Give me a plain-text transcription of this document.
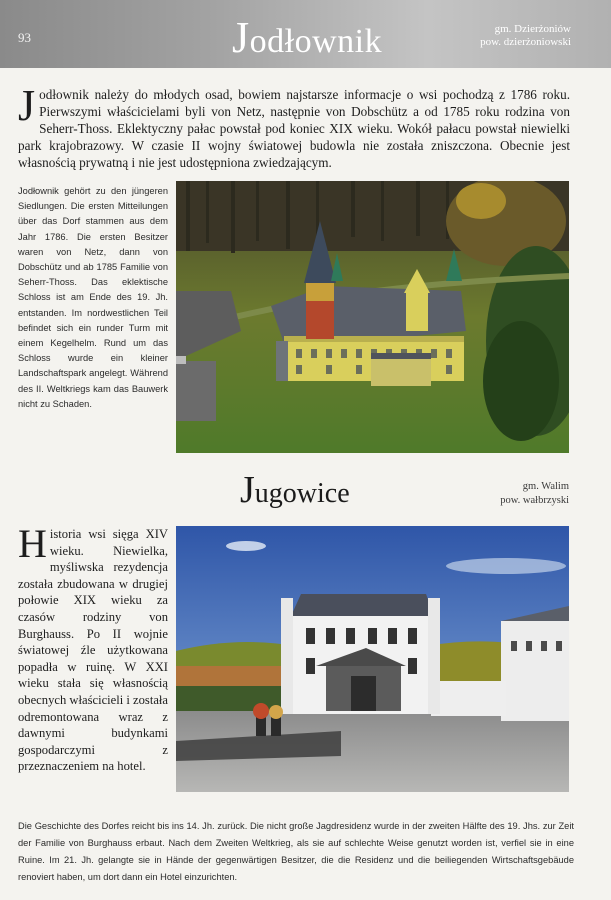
93	Jodłownik	gm. Dzierżoniów
pow. dzierżoniowski
Jodłownik należy do młodych osad, bowiem najstarsze informacje o wsi pochodzą z 1786 roku. Pierwszymi właścicielami byli von Netz, następnie von Dobschütz a od 1785 roku rodzina von Seherr-Thoss. Eklektyczny pałac powstał pod koniec XIX wieku. Wokół pałacu powstał niewielki park krajobrazowy. W czasie II wojny światowej budowla nie została zniszczona. Obecnie jest własnością prywatną i nie jest udostępniona zwiedzającym.
Jodłownik gehört zu den jüngeren Siedlungen. Die ersten Mitteilungen über das Dorf stammen aus dem Jahr 1786. Die ersten Besitzer waren von Netz, dann von Dobschütz und ab 1785 Familie von Seherr-Thoss. Das eklektische Schloss ist am Ende des 19. Jh. entstanden. Im nordwestlichen Teil befindet sich ein runder Turm mit einem Kegelhelm. Rund um das Schloss wurde ein kleiner Landschaftspark angelegt. Während des II. Weltkriegs kam das Bauwerk nicht zu Schaden.
Jugowice	gm. Walim
pow. wałbrzyski
Historia wsi sięga XIV wieku. Niewielka, myśliwska rezydencja została zbudowana w drugiej połowie XIX wieku za czasów rodziny von Burghauss. Po II wojnie światowej źle użytkowana popadła w ruinę. W XXI wieku stała się własnością obecnych właścicieli i została odremontowana wraz z dawnymi budynkami gospodarczymi z przeznaczeniem na hotel.
Die Geschichte des Dorfes reicht bis ins 14. Jh. zurück. Die nicht große Jagdresidenz wurde in der zweiten Hälfte des 19. Jhs. zur Zeit der Familie von Burghauss erbaut. Nach dem Zweiten Weltkrieg, als sie auf schlechte Weise genutzt worden ist, verfiel sie in eine Ruine. Im 21. Jh. gelangte sie in Hände der gegenwärtigen Besitzer, die die Residenz und die beiliegenden Wirtschaftsgebäude renoviert haben, um dort dann ein Hotel einzurichten.
